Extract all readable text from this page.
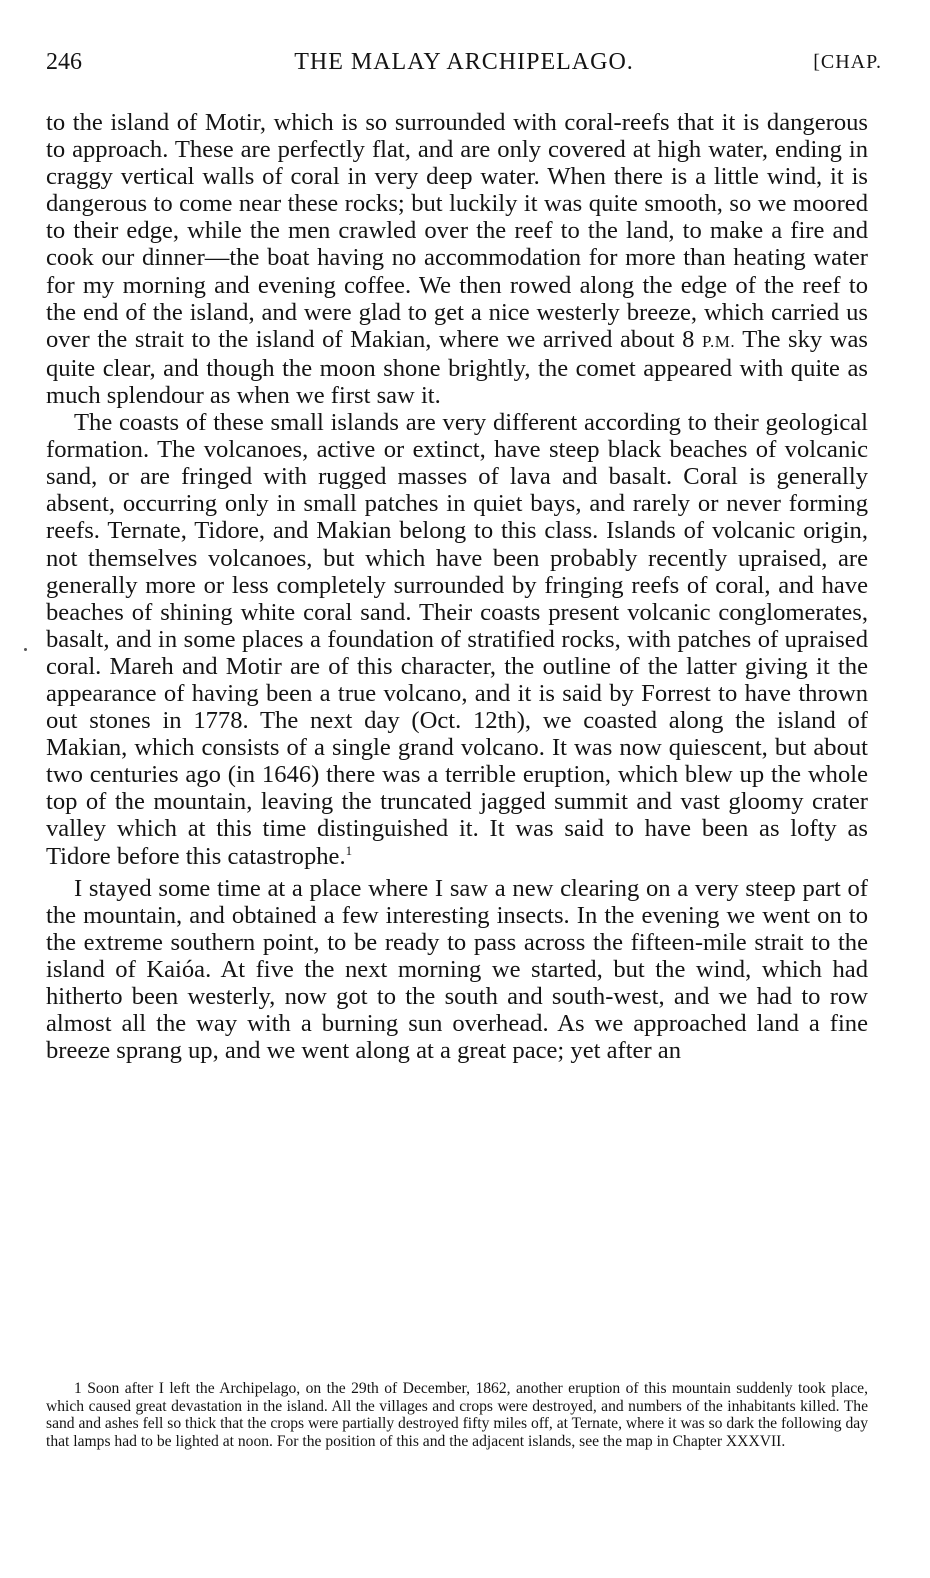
246	THE MALAY ARCHIPELAGO.	[CHAP.

to the island of Motir, which is so surrounded with coral-reefs that it is dangerous to approach. These are perfectly flat, and are only covered at high water, ending in craggy vertical walls of coral in very deep water. When there is a little wind, it is dangerous to come near these rocks; but luckily it was quite smooth, so we moored to their edge, while the men crawled over the reef to the land, to make a fire and cook our dinner—the boat having no accommodation for more than heating water for my morning and evening coffee. We then rowed along the edge of the reef to the end of the island, and were glad to get a nice westerly breeze, which carried us over the strait to the island of Makian, where we arrived about 8 P.M. The sky was quite clear, and though the moon shone brightly, the comet appeared with quite as much splendour as when we first saw it.

The coasts of these small islands are very different according to their geological formation. The volcanoes, active or extinct, have steep black beaches of volcanic sand, or are fringed with rugged masses of lava and basalt. Coral is generally absent, occurring only in small patches in quiet bays, and rarely or never forming reefs. Ternate, Tidore, and Makian belong to this class. Islands of volcanic origin, not themselves volcanoes, but which have been probably recently upraised, are generally more or less completely surrounded by fringing reefs of coral, and have beaches of shining white coral sand. Their coasts present volcanic conglomerates, basalt, and in some places a foundation of stratified rocks, with patches of upraised coral. Mareh and Motir are of this character, the outline of the latter giving it the appearance of having been a true volcano, and it is said by Forrest to have thrown out stones in 1778. The next day (Oct. 12th), we coasted along the island of Makian, which consists of a single grand volcano. It was now quiescent, but about two centuries ago (in 1646) there was a terrible eruption, which blew up the whole top of the mountain, leaving the truncated jagged summit and vast gloomy crater valley which at this time distinguished it. It was said to have been as lofty as Tidore before this catastrophe.$^1$

I stayed some time at a place where I saw a new clearing on a very steep part of the mountain, and obtained a few interesting insects. In the evening we went on to the extreme southern point, to be ready to pass across the fifteen-mile strait to the island of Kaióa. At five the next morning we started, but the wind, which had hitherto been westerly, now got to the south and south-west, and we had to row almost all the way with a burning sun overhead. As we approached land a fine breeze sprang up, and we went along at a great pace; yet after an

1 Soon after I left the Archipelago, on the 29th of December, 1862, another eruption of this mountain suddenly took place, which caused great devastation in the island. All the villages and crops were destroyed, and numbers of the inhabitants killed. The sand and ashes fell so thick that the crops were partially destroyed fifty miles off, at Ternate, where it was so dark the following day that lamps had to be lighted at noon. For the position of this and the adjacent islands, see the map in Chapter XXXVII.
